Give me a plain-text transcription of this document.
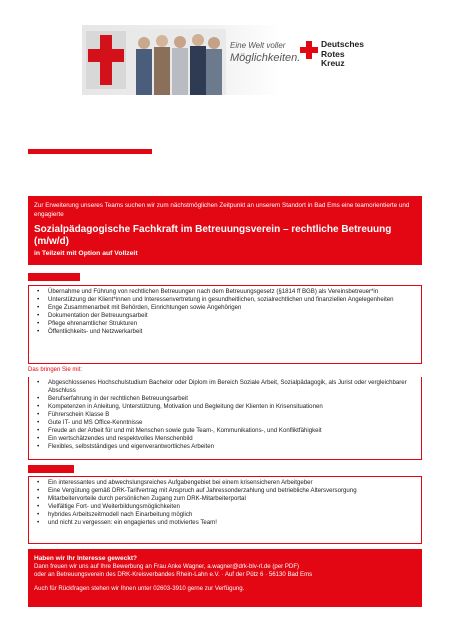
Eine Welt voller
Möglichkeiten.
Deutsches
Rotes
Kreuz
Zur Erweiterung unseres Teams suchen wir zum nächstmöglichen Zeitpunkt an unserem Standort in Bad Ems eine teamorientierte und engagierte
Sozialpädagogische Fachkraft im Betreuungsverein – rechtliche Betreuung (m/w/d)
in Teilzeit mit Option auf Vollzeit
• Übernahme und Führung von rechtlichen Betreuungen nach dem Betreuungsgesetz (§1814 ff BGB) als Vereinsbetreuer*in
• Unterstützung der Klient*innen und Interessenvertretung in gesundheitlichen, sozialrechtlichen und finanziellen Angelegenheiten
• Enge Zusammenarbeit mit Behörden, Einrichtungen sowie Angehörigen
• Dokumentation der Betreuungsarbeit
• Pflege ehrenamtlicher Strukturen
• Öffentlichkeits- und Netzwerkarbeit
Das bringen Sie mit:
• Abgeschlossenes Hochschulstudium Bachelor oder Diplom im Bereich Soziale Arbeit, Sozialpädagogik, als Jurist oder vergleichbarer Abschluss
• Berufserfahrung in der rechtlichen Betreuungsarbeit
• Kompetenzen in Anleitung, Unterstützung, Motivation und Begleitung der Klienten in Krisensituationen
• Führerschein Klasse B
• Gute IT- und MS Office-Kenntnisse
• Freude an der Arbeit für und mit Menschen sowie gute Team-, Kommunikations-, und Konfliktfähigkeit
• Ein wertschätzendes und respektvolles Menschenbild
• Flexibles, selbstständiges und eigenverantwortliches Arbeiten
• Ein interessantes und abwechslungsreiches Aufgabengebiet bei einem krisensicheren Arbeitgeber
• Eine Vergütung gemäß DRK-Tarifvertrag mit Anspruch auf Jahressonderzahlung und betriebliche Altersversorgung
• Mitarbeitervorteile durch persönlichen Zugang zum DRK-Mitarbeiterportal
• Vielfältige Fort- und Weiterbildungsmöglichkeiten
• hybrides Arbeitszeitmodell nach Einarbeitung möglich
• und nicht zu vergessen: ein engagiertes und motiviertes Team!
Haben wir Ihr Interesse geweckt?
Dann freuen wir uns auf Ihre Bewerbung an Frau Anke Wagner, a.wagner@drk-blv-rl.de (per PDF)
oder an Betreuungsverein des DRK-Kreisverbandes Rhein-Lahn e.V. · Auf der Pütz 6 · 56130 Bad Ems
Auch für Rückfragen stehen wir Ihnen unter 02603-3910 gerne zur Verfügung.
